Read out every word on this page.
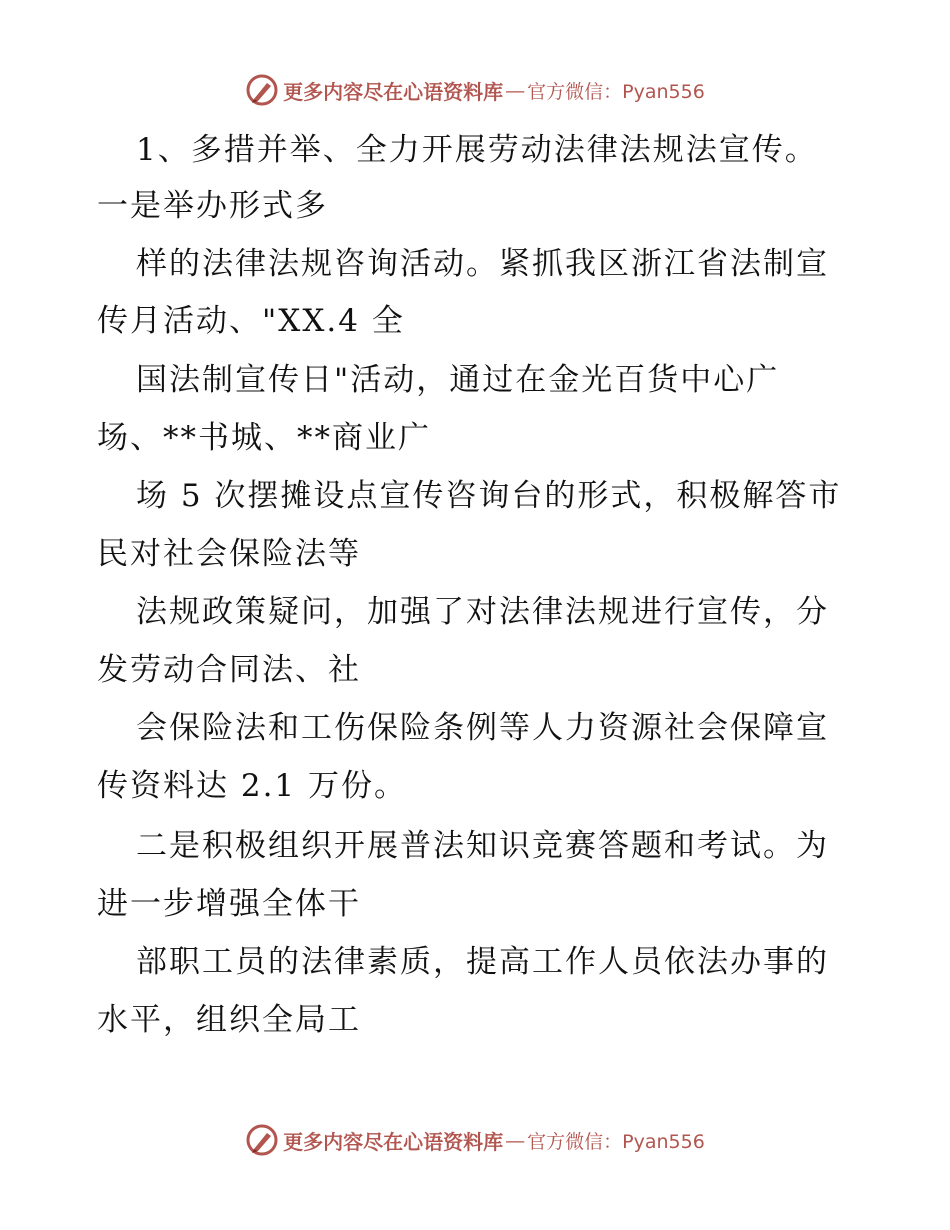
更多内容尽在心语资料库 — 官方微信：Pyan556
1、多措并举、全力开展劳动法律法规法宣传。
一是举办形式多
样的法律法规咨询活动。紧抓我区浙江省法制宣
传月活动、"XX.4 全
国法制宣传日"活动，通过在金光百货中心广
场、**书城、**商业广
场 5 次摆摊设点宣传咨询台的形式，积极解答市
民对社会保险法等
法规政策疑问，加强了对法律法规进行宣传，分
发劳动合同法、社
会保险法和工伤保险条例等人力资源社会保障宣
传资料达 2.1 万份。
二是积极组织开展普法知识竞赛答题和考试。为
进一步增强全体干
部职工员的法律素质，提高工作人员依法办事的
水平，组织全局工
更多内容尽在心语资料库 — 官方微信：Pyan556
